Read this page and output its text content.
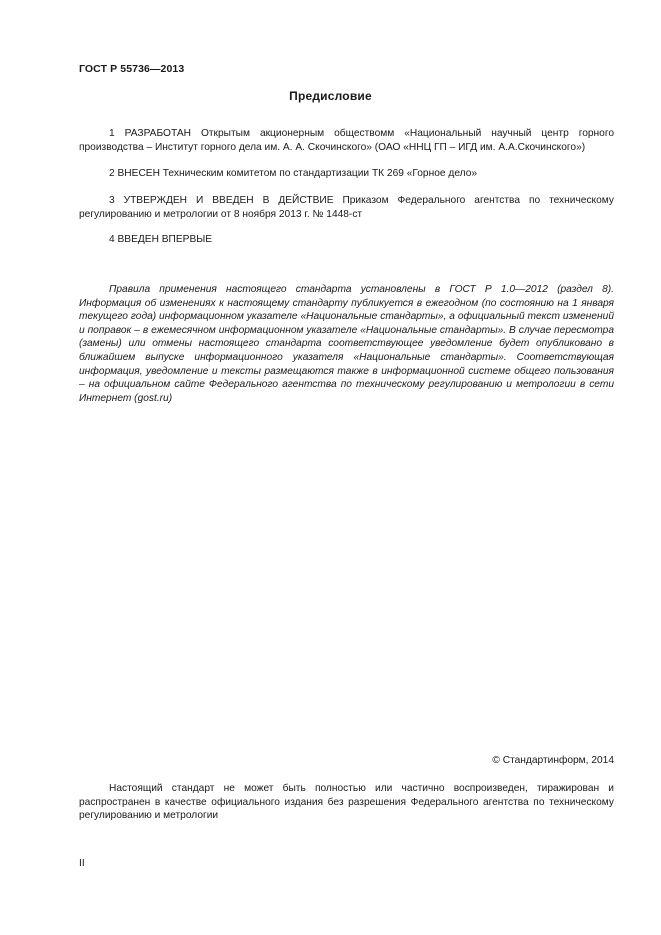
ГОСТ Р 55736—2013
Предисловие

1 РАЗРАБОТАН Открытым акционерным обществомм «Национальный научный центр горного производства – Институт горного дела им. А. А. Скочинского» (ОАО «ННЦ ГП – ИГД им. А.А.Скочинского»)

2 ВНЕСЕН Техническим комитетом по стандартизации ТК 269 «Горное дело»

3 УТВЕРЖДЕН И ВВЕДЕН В ДЕЙСТВИЕ Приказом Федерального агентства по техническому регулированию и метрологии от 8 ноября 2013 г. № 1448-ст

4 ВВЕДЕН ВПЕРВЫЕ

Правила применения настоящего стандарта установлены в ГОСТ Р 1.0—2012 (раздел 8). Информация об изменениях к настоящему стандарту публикуется в ежегодном (по состоянию на 1 января текущего года) информационном указателе «Национальные стандарты», а официальный текст изменений и поправок – в ежемесячном информационном указателе «Национальные стандарты». В случае пересмотра (замены) или отмены настоящего стандарта соответствующее уведомление будет опубликовано в ближайшем выпуске информационного указателя «Национальные стандарты». Соответствующая информация, уведомление и тексты размещаются также в информационной системе общего пользования – на официальном сайте Федерального агентства по техническому регулированию и метрологии в сети Интернет (gost.ru)

© Стандартинформ, 2014

Настоящий стандарт не может быть полностью или частично воспроизведен, тиражирован и распространен в качестве официального издания без разрешения Федерального агентства по техническому регулированию и метрологии

II
